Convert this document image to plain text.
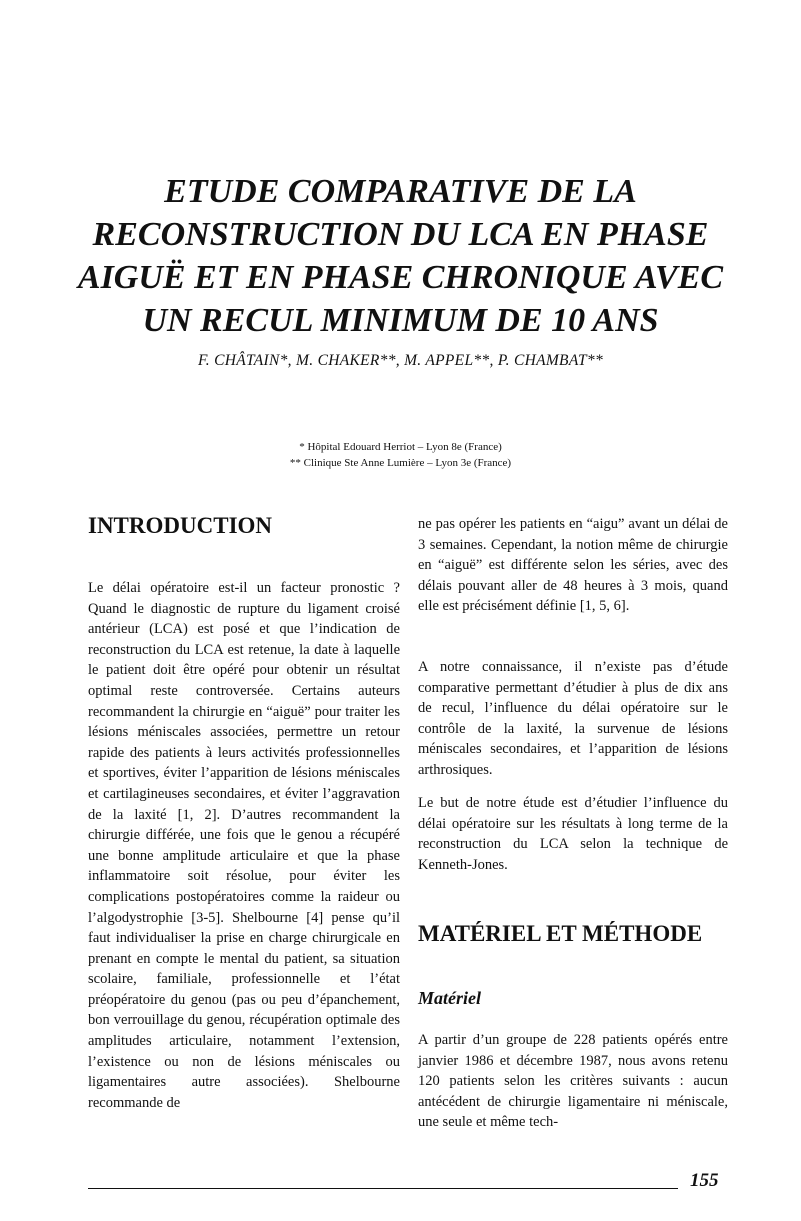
ETUDE COMPARATIVE DE LA
RECONSTRUCTION DU LCA EN PHASE
AIGUË ET EN PHASE CHRONIQUE AVEC
UN RECUL MINIMUM DE 10 ANS
F. CHÂTAIN*, M. CHAKER**, M. APPEL**, P. CHAMBAT**
* Hôpital Edouard Herriot – Lyon 8e (France)
** Clinique Ste Anne Lumière – Lyon 3e (France)
INTRODUCTION

Le délai opératoire est-il un facteur pronostic ? Quand le diagnostic de rupture du ligament croisé antérieur (LCA) est posé et que l’indication de reconstruction du LCA est retenue, la date à laquelle le patient doit être opéré pour obtenir un résultat optimal reste controversée. Certains auteurs recommandent la chirurgie en “aiguë” pour traiter les lésions méniscales associées, permettre un retour rapide des patients à leurs activités professionnelles et sportives, éviter l’apparition de lésions méniscales et cartilagineuses secondaires, et éviter l’aggravation de la laxité [1, 2]. D’autres recommandent la chirurgie différée, une fois que le genou a récupéré une bonne amplitude articulaire et que la phase inflammatoire soit résolue, pour éviter les complications postopératoires comme la raideur ou l’algodystrophie [3-5]. Shelbourne [4] pense qu’il faut individualiser la prise en charge chirurgicale en prenant en compte le mental du patient, sa situation scolaire, familiale, professionnelle et l’état préopératoire du genou (pas ou peu d’épanchement, bon verrouillage du genou, récupération optimale des amplitudes articulaire, notamment l’extension, l’existence ou non de lésions méniscales ou ligamentaires autre associées). Shelbourne recommande de

ne pas opérer les patients en “aigu” avant un délai de 3 semaines. Cependant, la notion même de chirurgie en “aiguë” est différente selon les séries, avec des délais pouvant aller de 48 heures à 3 mois, quand elle est précisément définie [1, 5, 6].

A notre connaissance, il n’existe pas d’étude comparative permettant d’étudier à plus de dix ans de recul, l’influence du délai opératoire sur le contrôle de la laxité, la survenue de lésions méniscales secondaires, et l’apparition de lésions arthrosiques.

Le but de notre étude est d’étudier l’influence du délai opératoire sur les résultats à long terme de la reconstruction du LCA selon la technique de Kenneth-Jones.

MATÉRIEL ET MÉTHODE
Matériel

A partir d’un groupe de 228 patients opérés entre janvier 1986 et décembre 1987, nous avons retenu 120 patients selon les critères suivants : aucun antécédent de chirurgie ligamentaire ni méniscale, une seule et même tech-

155
